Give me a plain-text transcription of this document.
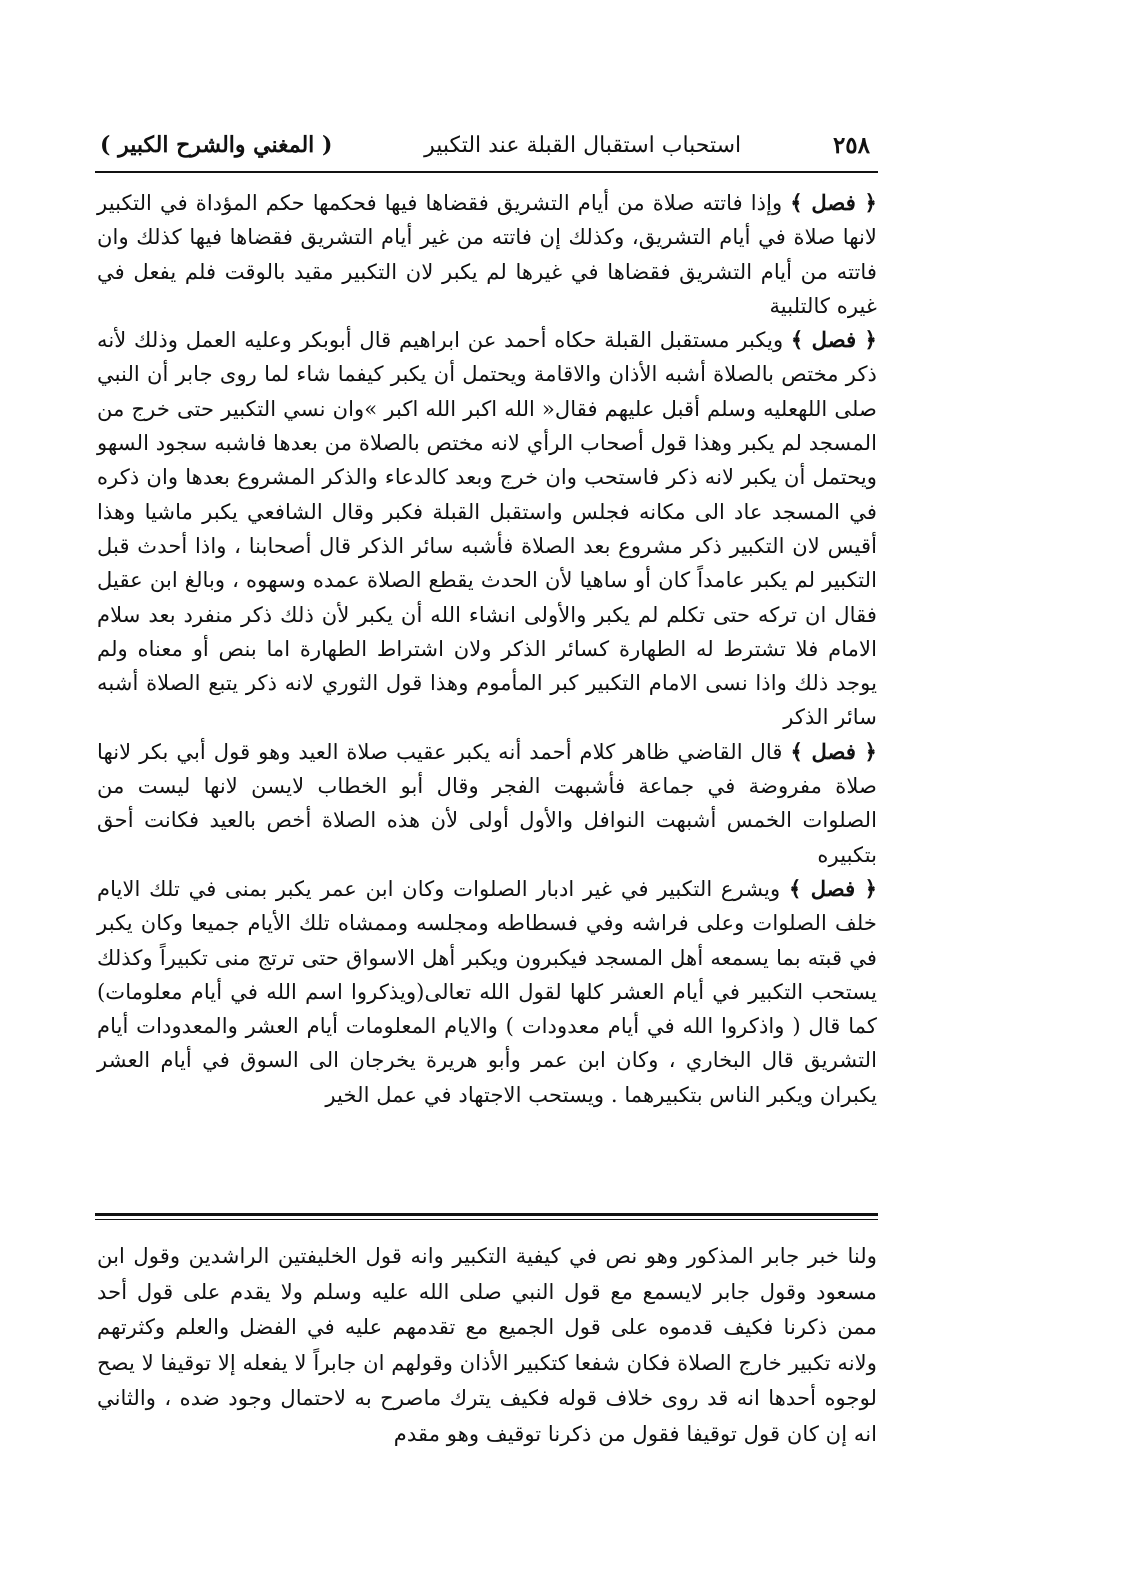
( المغني والشرح الكبير )	استحباب استقبال القبلة عند التكبير	٢٥٨

﴿ فصل ﴾ وإذا فاتته صلاة من أيام التشريق فقضاها فيها فحكمها حكم المؤداة في التكبير لانها صلاة في أيام التشريق، وكذلك إن فاتته من غير أيام التشريق فقضاها فيها كذلك وان فاتته من أيام التشريق فقضاها في غيرها لم يكبر لان التكبير مقيد بالوقت فلم يفعل في غيره كالتلبية

﴿ فصل ﴾ ويكبر مستقبل القبلة حكاه أحمد عن ابراهيم قال أبوبكر وعليه العمل وذلك لأنه ذكر مختص بالصلاة أشبه الأذان والاقامة ويحتمل أن يكبر كيفما شاء لما روى جابر أن النبي صلى اللهعليه وسلم أقبل عليهم فقال« الله اكبر الله اكبر »وان نسي التكبير حتى خرج من المسجد لم يكبر وهذا قول أصحاب الرأي لانه مختص بالصلاة من بعدها فاشبه سجود السهو ويحتمل أن يكبر لانه ذكر فاستحب وان خرج وبعد كالدعاء والذكر المشروع بعدها وان ذكره في المسجد عاد الى مكانه فجلس واستقبل القبلة فكبر وقال الشافعي يكبر ماشيا وهذا أقيس لان التكبير ذكر مشروع بعد الصلاة فأشبه سائر الذكر قال أصحابنا ، واذا أحدث قبل التكبير لم يكبر عامداً كان أو ساهيا لأن الحدث يقطع الصلاة عمده وسهوه ، وبالغ ابن عقيل فقال ان تركه حتى تكلم لم يكبر والأولى انشاء الله أن يكبر لأن ذلك ذكر منفرد بعد سلام الامام فلا تشترط له الطهارة كسائر الذكر ولان اشتراط الطهارة اما بنص أو معناه ولم يوجد ذلك واذا نسى الامام التكبير كبر المأموم وهذا قول الثوري لانه ذكر يتبع الصلاة أشبه سائر الذكر

﴿ فصل ﴾ قال القاضي ظاهر كلام أحمد أنه يكبر عقيب صلاة العيد وهو قول أبي بكر لانها صلاة مفروضة في جماعة فأشبهت الفجر وقال أبو الخطاب لايسن لانها ليست من الصلوات الخمس أشبهت النوافل والأول أولى لأن هذه الصلاة أخص بالعيد فكانت أحق بتكبيره

﴿ فصل ﴾ ويشرع التكبير في غير ادبار الصلوات وكان ابن عمر يكبر بمنى في تلك الايام خلف الصلوات وعلى فراشه وفي فسطاطه ومجلسه وممشاه تلك الأيام جميعا وكان يكبر في قبته بما يسمعه أهل المسجد فيكبرون ويكبر أهل الاسواق حتى ترتج منى تكبيراً وكذلك يستحب التكبير في أيام العشر كلها لقول الله تعالى(ويذكروا اسم الله في أيام معلومات) كما قال ( واذكروا الله في أيام معدودات ) والايام المعلومات أيام العشر والمعدودات أيام التشريق قال البخاري ، وكان ابن عمر وأبو هريرة يخرجان الى السوق في أيام العشر يكبران ويكبر الناس بتكبيرهما . ويستحب الاجتهاد في عمل الخير

ولنا خبر جابر المذكور وهو نص في كيفية التكبير وانه قول الخليفتين الراشدين وقول ابن مسعود وقول جابر لايسمع مع قول النبي صلى الله عليه وسلم ولا يقدم على قول أحد ممن ذكرنا فكيف قدموه على قول الجميع مع تقدمهم عليه في الفضل والعلم وكثرتهم ولانه تكبير خارج الصلاة فكان شفعا كتكبير الأذان وقولهم ان جابراً لا يفعله إلا توقيفا لا يصح لوجوه أحدها انه قد روى خلاف قوله فكيف يترك ماصرح به لاحتمال وجود ضده ، والثاني انه إن كان قول توقيفا فقول من ذكرنا توقيف وهو مقدم
